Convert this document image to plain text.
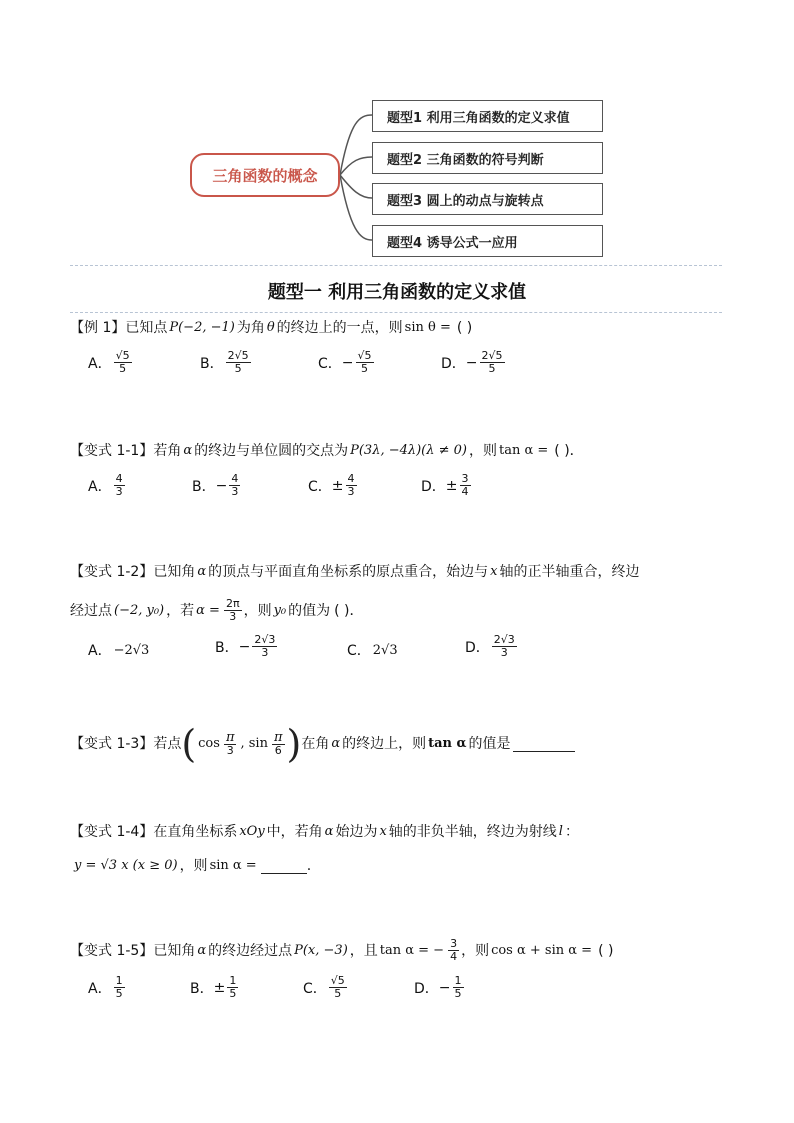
三角函数的概念
题型1 利用三角函数的定义求值
题型2 三角函数的符号判断
题型3 圆上的动点与旋转点
题型4 诱导公式一应用
题型一 利用三角函数的定义求值
【例 1】 已知点 P(−2, −1) 为角 θ 的终边上的一点，则 sin θ = ( )
A． $\frac{√5}{5}$	B． $\frac{2√5}{5}$	C． − $\frac{√5}{5}$	D． − $\frac{2√5}{5}$
【变式 1-1】 若角 α 的终边与单位圆的交点为 P(3λ, −4λ)(λ ≠ 0) ，则 tan α = ( )．
A． $\frac{4}{3}$	B． − $\frac{4}{3}$	C． ± $\frac{4}{3}$	D． ± $\frac{3}{4}$
【变式 1-2】 已知角 α 的顶点与平面直角坐标系的原点重合，始边与 x 轴的正半轴重合，终边
经过点 (−2, y₀) ，若 $\alpha = \frac{2\pi}{3}$ ，则 y₀ 的值为 ( )．
A． −2√3	B． − $\frac{2√3}{3}$	C． 2√3	D． $\frac{2√3}{3}$
【变式 1-3】 若点 ( $\cos \frac{\pi}{3}$ , $\sin \frac{\pi}{6}$ ) 在角 α 的终边上，则 tan α 的值是
【变式 1-4】 在直角坐标系 xOy 中，若角 α 始边为 x 轴的非负半轴，终边为射线 l ：
y = √3 x (x ≥ 0) ，则 sin α =	.
【变式 1-5】 已知角 α 的终边经过点 P(x, −3) ，且 tan α = − $\frac{3}{4}$ ，则 cos α + sin α = ( )
A． $\frac{1}{5}$	B． ± $\frac{1}{5}$	C． $\frac{√5}{5}$	D． − $\frac{1}{5}$
